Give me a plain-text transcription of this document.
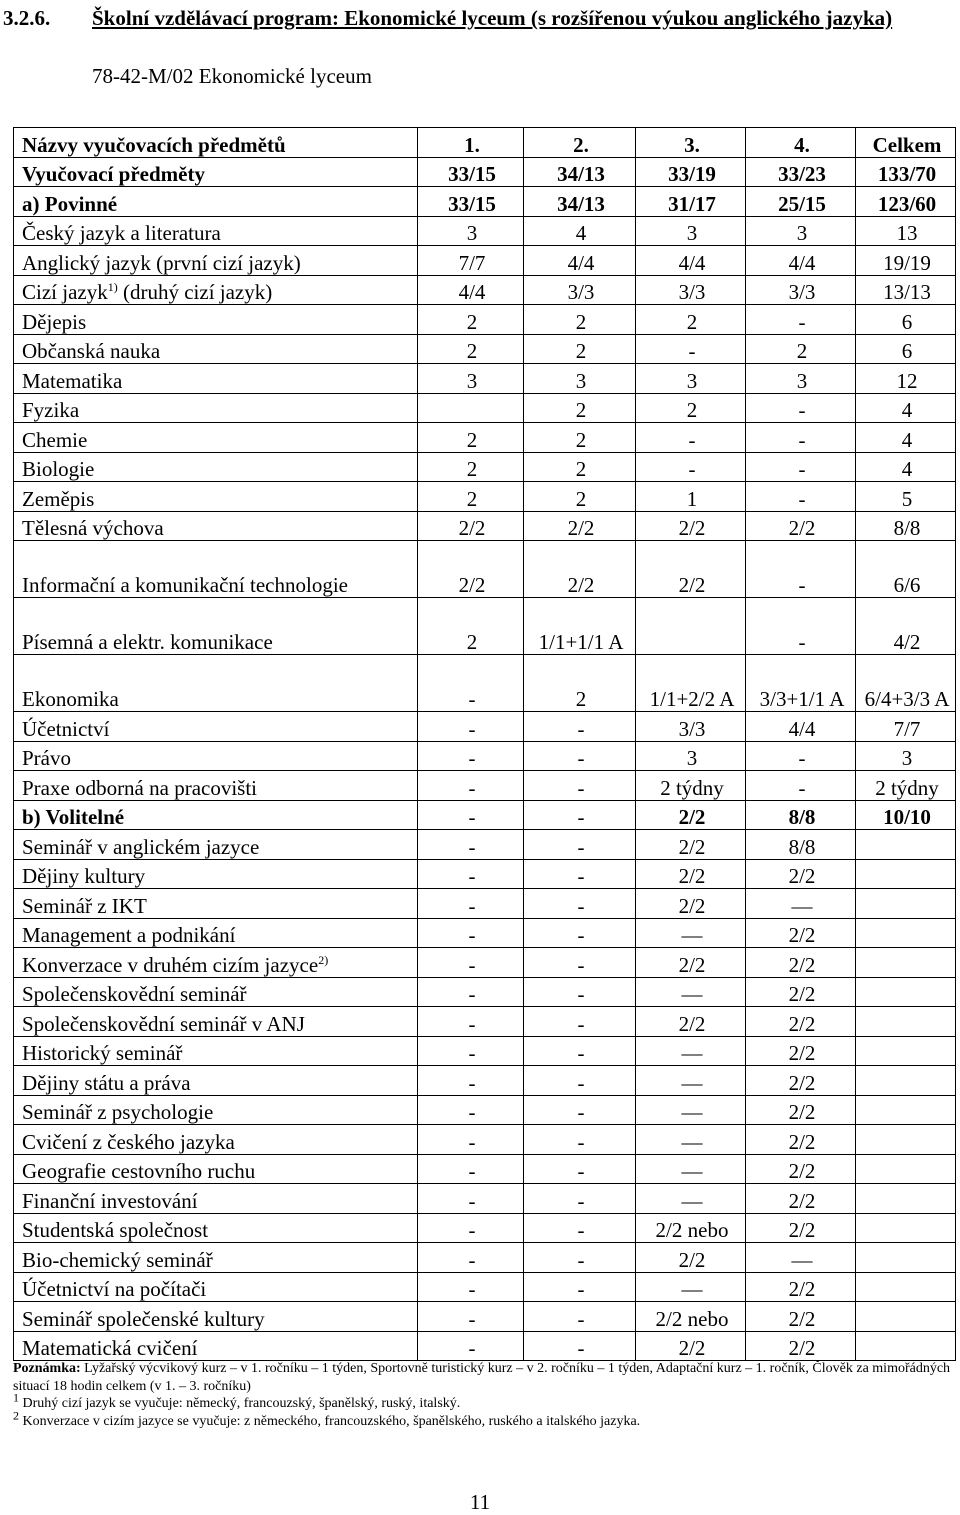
3.2.6. Školní vzdělávací program: Ekonomické lyceum (s rozšířenou výukou anglického jazyka)
78-42-M/02 Ekonomické lyceum
Názvy vyučovacích předmětů	1.	2.	3.	4.	Celkem
Vyučovací předměty	33/15	34/13	33/19	33/23	133/70
a) Povinné	33/15	34/13	31/17	25/15	123/60
Český jazyk a literatura	3	4	3	3	13
Anglický jazyk (první cizí jazyk)	7/7	4/4	4/4	4/4	19/19
Cizí jazyk$^{1)}$ (druhý cizí jazyk)	4/4	3/3	3/3	3/3	13/13
Dějepis	2	2	2	-	6
Občanská nauka	2	2	-	2	6
Matematika	3	3	3	3	12
Fyzika		2	2	-	4
Chemie	2	2	-	-	4
Biologie	2	2	-	-	4
Zeměpis	2	2	1	-	5
Tělesná výchova	2/2	2/2	2/2	2/2	8/8
Informační a komunikační technologie	2/2	2/2	2/2	-	6/6
Písemná a elektr. komunikace	2	1/1+1/1 A		-	4/2
Ekonomika	-	2	1/1+2/2 A	3/3+1/1 A	6/4+3/3 A
Účetnictví	-	-	3/3	4/4	7/7
Právo	-	-	3	-	3
Praxe odborná na pracovišti	-	-	2 týdny	-	2 týdny
b) Volitelné	-	-	2/2	8/8	10/10
Seminář v anglickém jazyce	-	-	2/2	8/8	
Dějiny kultury	-	-	2/2	2/2	
Seminář z IKT	-	-	2/2	—	
Management a podnikání	-	-	—	2/2	
Konverzace v druhém cizím jazyce$^{2)}$	-	-	2/2	2/2	
Společenskovědní seminář	-	-	—	2/2	
Společenskovědní seminář v ANJ	-	-	2/2	2/2	
Historický seminář	-	-	—	2/2	
Dějiny státu a práva	-	-	—	2/2	
Seminář z psychologie	-	-	—	2/2	
Cvičení z českého jazyka	-	-	—	2/2	
Geografie cestovního ruchu	-	-	—	2/2	
Finanční investování	-	-	—	2/2	
Studentská společnost	-	-	2/2 nebo	2/2	
Bio-chemický seminář	-	-	2/2	—	
Účetnictví na počítači	-	-	—	2/2	
Seminář společenské kultury	-	-	2/2 nebo	2/2	
Matematická cvičení	-	-	2/2	2/2	

Poznámka: Lyžařský výcvikový kurz – v 1. ročníku – 1 týden, Sportovně turistický kurz – v 2. ročníku – 1 týden, Adaptační kurz – 1. ročník, Člověk za mimořádných situací 18 hodin celkem (v 1. – 3. ročníku)

$^1$ Druhý cizí jazyk se vyučuje: německý, francouzský, španělský, ruský, italský.

$^2$ Konverzace v cizím jazyce se vyučuje: z německého, francouzského, španělského, ruského a italského jazyka.

11
